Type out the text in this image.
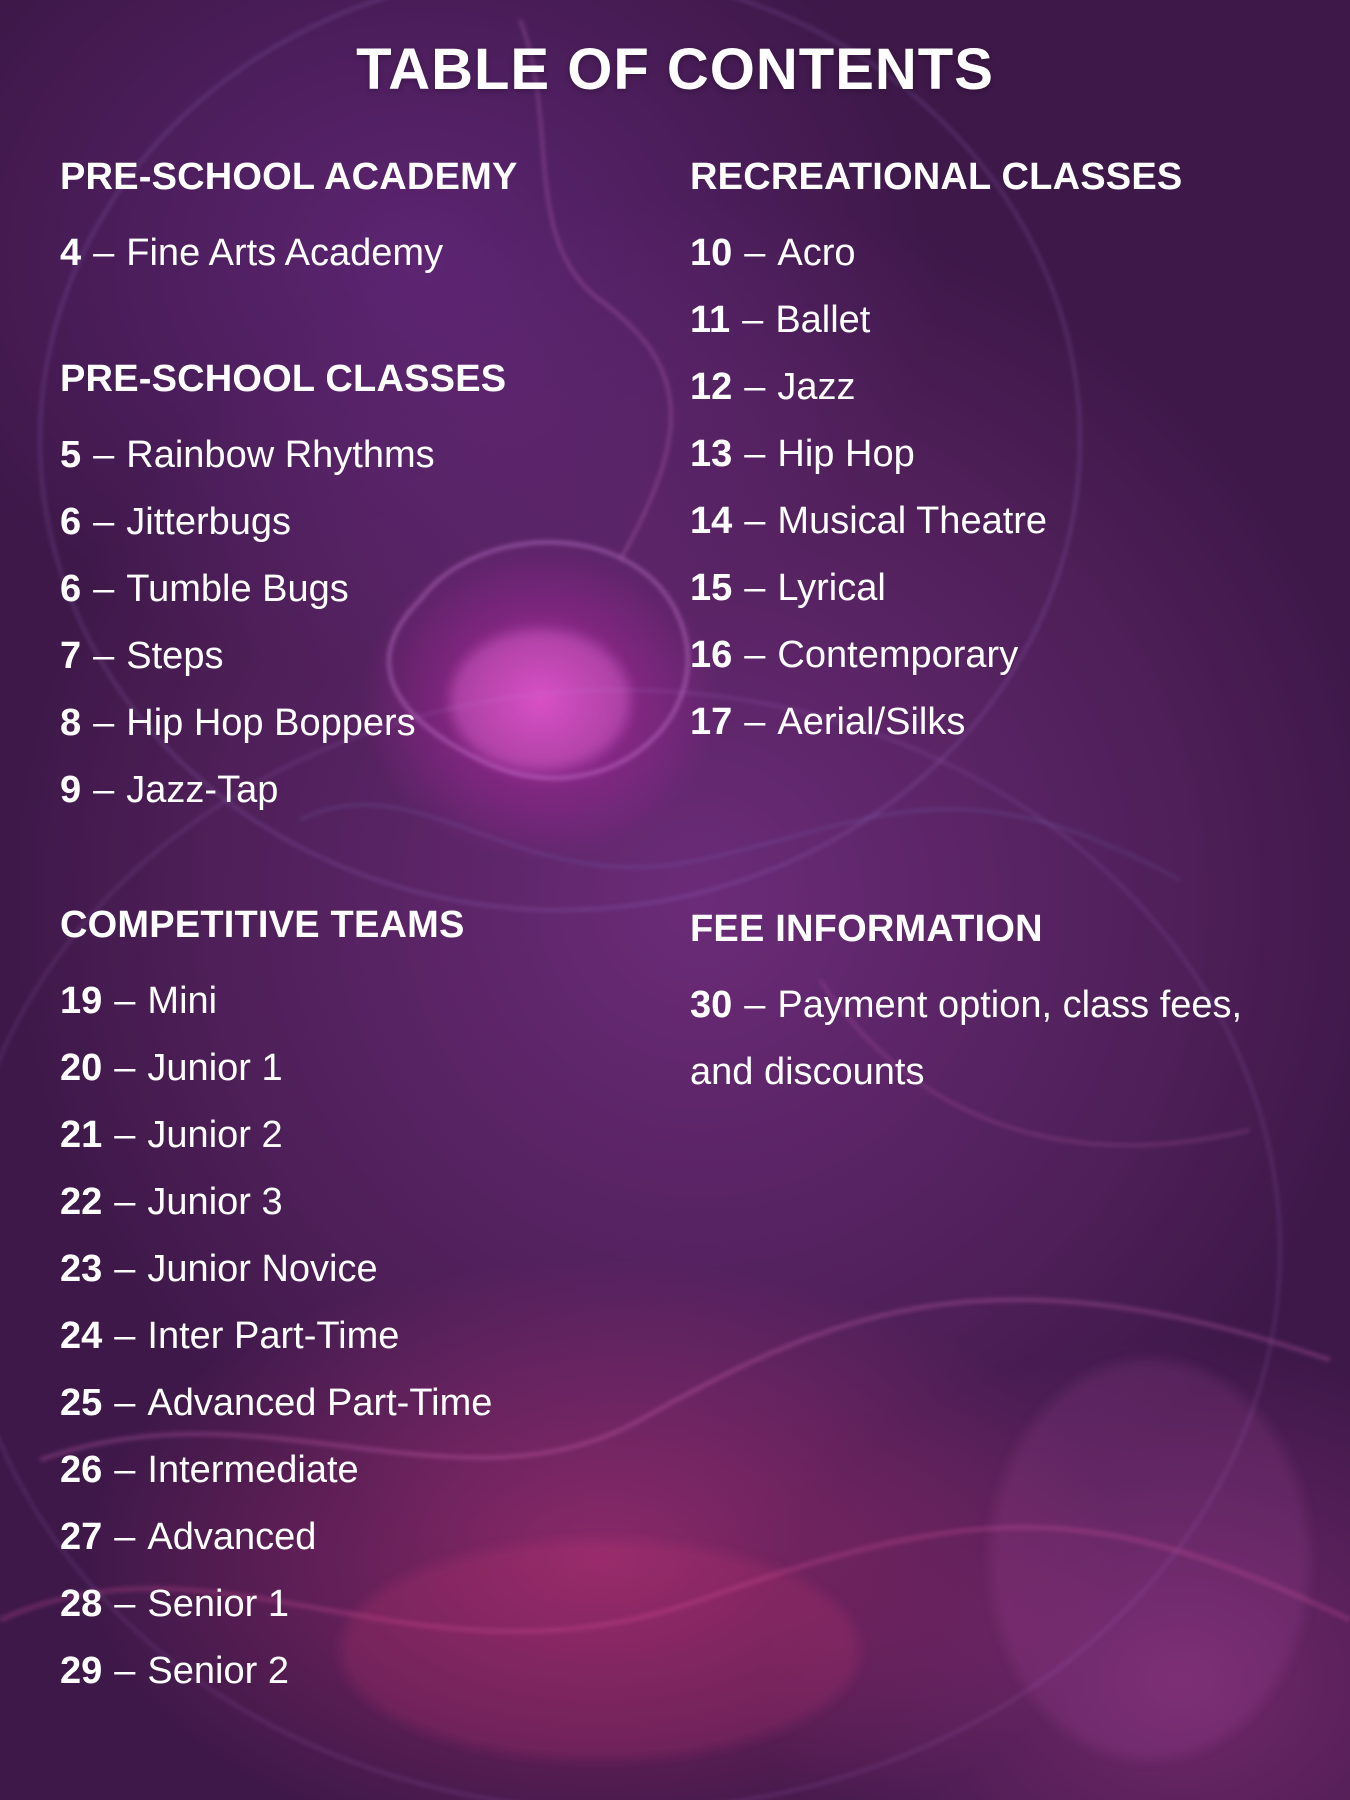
TABLE OF CONTENTS
PRE-SCHOOL ACADEMY
4 – Fine Arts Academy
PRE-SCHOOL CLASSES
5 – Rainbow Rhythms
6 – Jitterbugs
6 – Tumble Bugs
7 – Steps
8 – Hip Hop Boppers
9 – Jazz-Tap
RECREATIONAL CLASSES
10 – Acro
11 – Ballet
12 – Jazz
13 – Hip Hop
14 – Musical Theatre
15 – Lyrical
16 – Contemporary
17 – Aerial/Silks
COMPETITIVE TEAMS
19 – Mini
20 – Junior 1
21 – Junior 2
22 – Junior 3
23 – Junior Novice
24 – Inter Part-Time
25 – Advanced Part-Time
26 – Intermediate
27 – Advanced
28 – Senior 1
29 – Senior 2
FEE INFORMATION
30 – Payment option, class fees, and discounts
